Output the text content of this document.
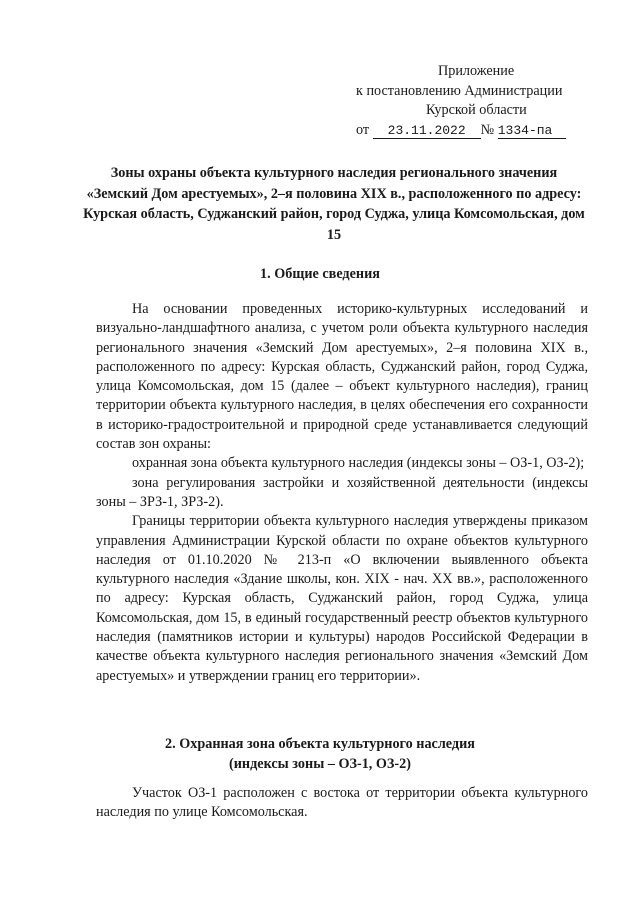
Приложение
к постановлению Администрации
Курской области
от 23.11.2022 № 1334-па
Зоны охраны объекта культурного наследия регионального значения «Земский Дом арестуемых», 2–я половина XIX в., расположенного по адресу: Курская область, Суджанский район, город Суджа, улица Комсомольская, дом 15
1. Общие сведения

На основании проведенных историко-культурных исследований и визуально-ландшафтного анализа, с учетом роли объекта культурного наследия регионального значения «Земский Дом арестуемых», 2–я половина XIX в., расположенного по адресу: Курская область, Суджанский район, город Суджа, улица Комсомольская, дом 15 (далее – объект культурного наследия), границ территории объекта культурного наследия, в целях обеспечения его сохранности в историко-градостроительной и природной среде устанавливается следующий состав зон охраны:

охранная зона объекта культурного наследия (индексы зоны – ОЗ-1, ОЗ-2);

зона регулирования застройки и хозяйственной деятельности (индексы зоны – ЗРЗ-1, ЗРЗ-2).

Границы территории объекта культурного наследия утверждены приказом управления Администрации Курской области по охране объектов культурного наследия от 01.10.2020 № 213-п «О включении выявленного объекта культурного наследия «Здание школы, кон. XIX - нач. XX вв.», расположенного по адресу: Курская область, Суджанский район, город Суджа, улица Комсомольская, дом 15, в единый государственный реестр объектов культурного наследия (памятников истории и культуры) народов Российской Федерации в качестве объекта культурного наследия регионального значения «Земский Дом арестуемых» и утверждении границ его территории».

2. Охранная зона объекта культурного наследия
(индексы зоны – ОЗ-1, ОЗ-2)

Участок ОЗ-1 расположен с востока от территории объекта культурного наследия по улице Комсомольская.
